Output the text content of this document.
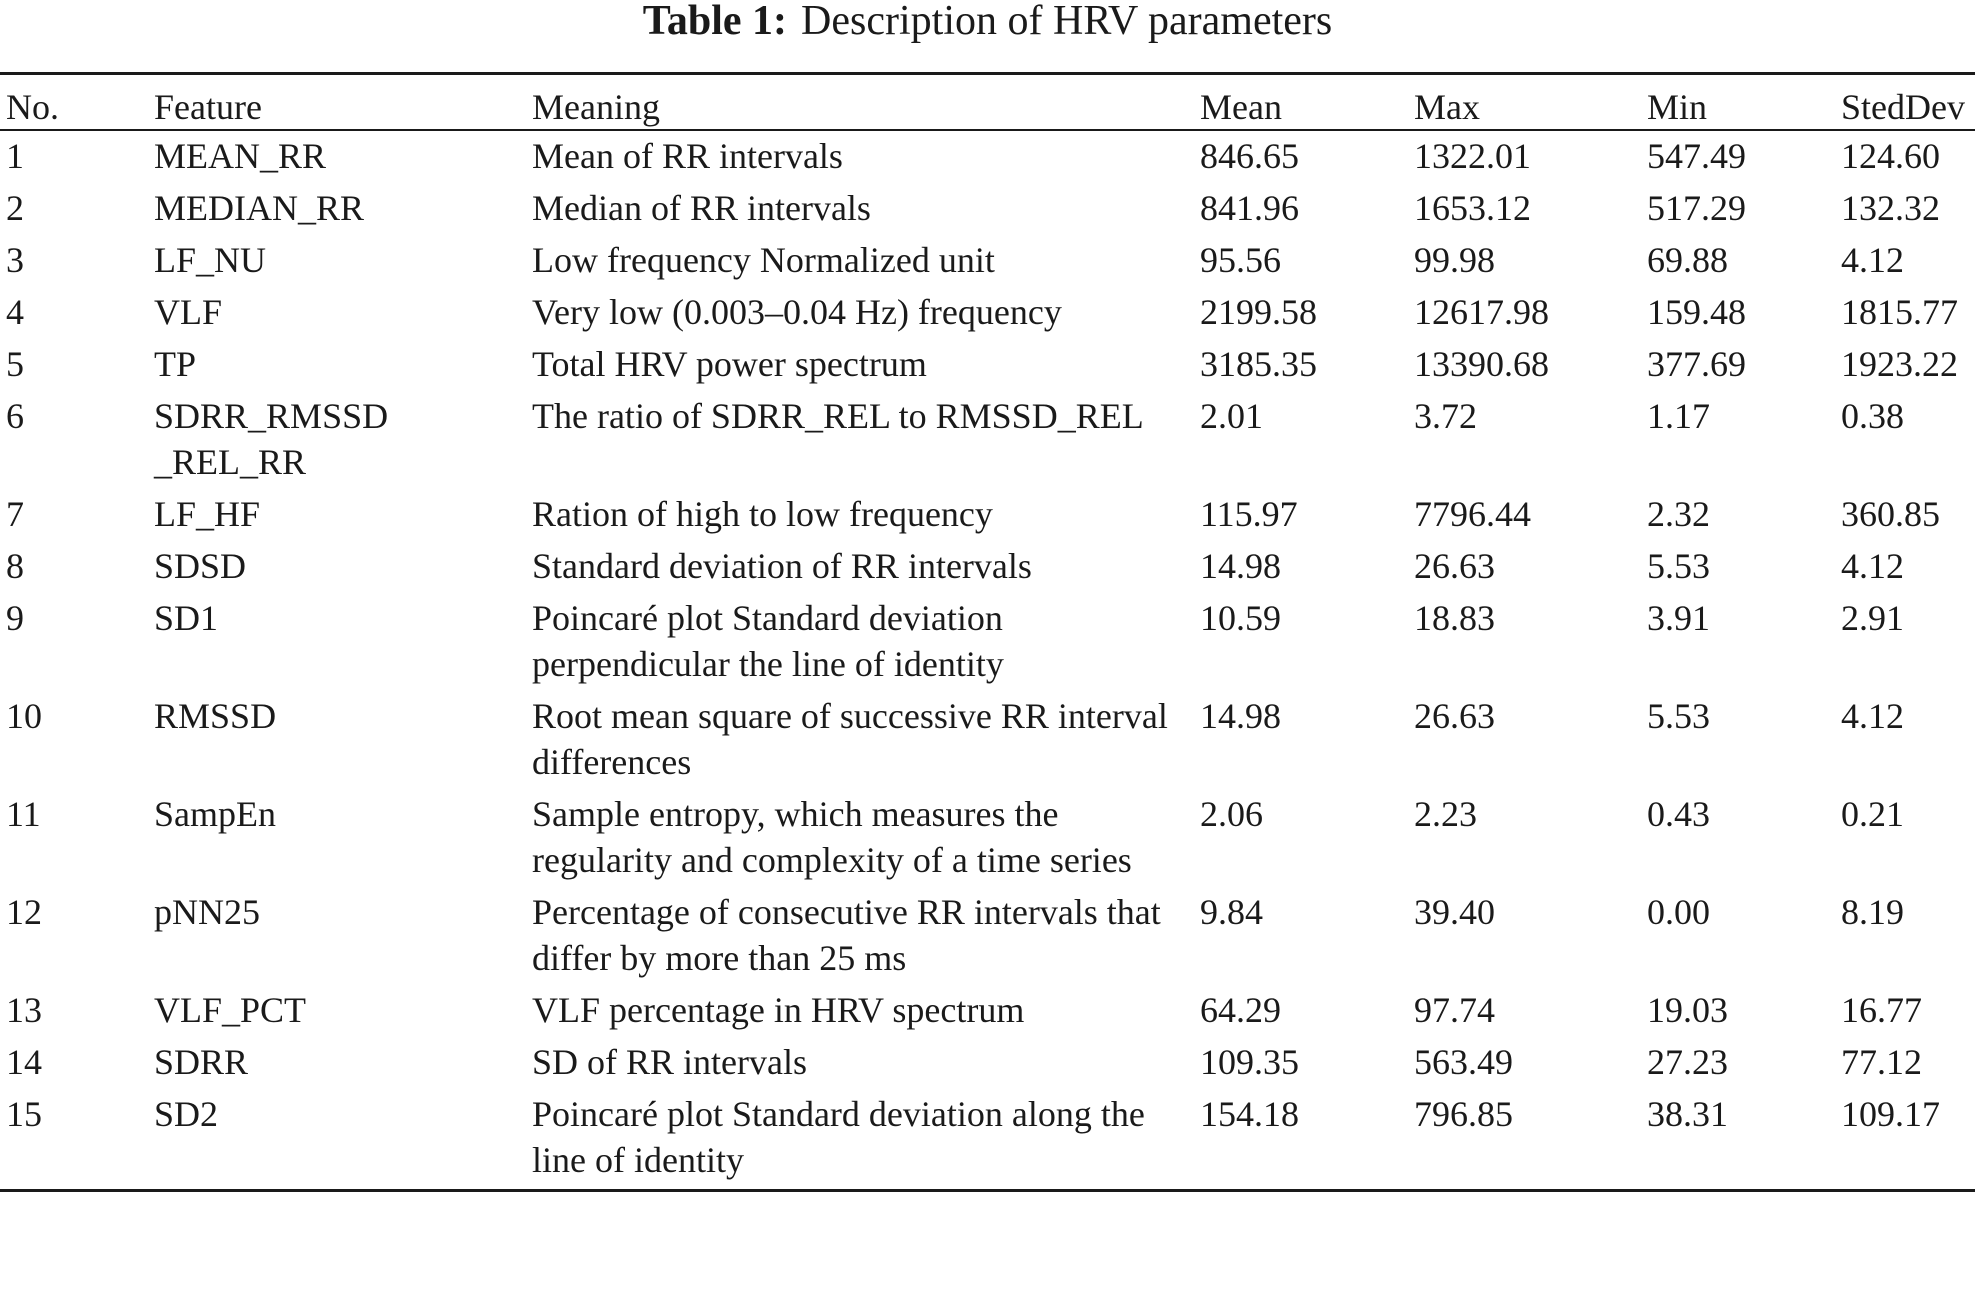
Table 1: Description of HRV parameters
No.	Feature	Meaning	Mean	Max	Min	StedDev
1	MEAN_RR	Mean of RR intervals	846.65	1322.01	547.49	124.60
2	MEDIAN_RR	Median of RR intervals	841.96	1653.12	517.29	132.32
3	LF_NU	Low frequency Normalized unit	95.56	99.98	69.88	4.12
4	VLF	Very low (0.003–0.04 Hz) frequency	2199.58	12617.98	159.48	1815.77
5	TP	Total HRV power spectrum	3185.35	13390.68	377.69	1923.22
6	SDRR_RMSSD _REL_RR	The ratio of SDRR_REL to RMSSD_REL	2.01	3.72	1.17	0.38
7	LF_HF	Ration of high to low frequency	115.97	7796.44	2.32	360.85
8	SDSD	Standard deviation of RR intervals	14.98	26.63	5.53	4.12
9	SD1	Poincaré plot Standard deviation perpendicular the line of identity	10.59	18.83	3.91	2.91
10	RMSSD	Root mean square of successive RR interval differences	14.98	26.63	5.53	4.12
11	SampEn	Sample entropy, which measures the regularity and complexity of a time series	2.06	2.23	0.43	0.21
12	pNN25	Percentage of consecutive RR intervals that differ by more than 25 ms	9.84	39.40	0.00	8.19
13	VLF_PCT	VLF percentage in HRV spectrum	64.29	97.74	19.03	16.77
14	SDRR	SD of RR intervals	109.35	563.49	27.23	77.12
15	SD2	Poincaré plot Standard deviation along the line of identity	154.18	796.85	38.31	109.17
